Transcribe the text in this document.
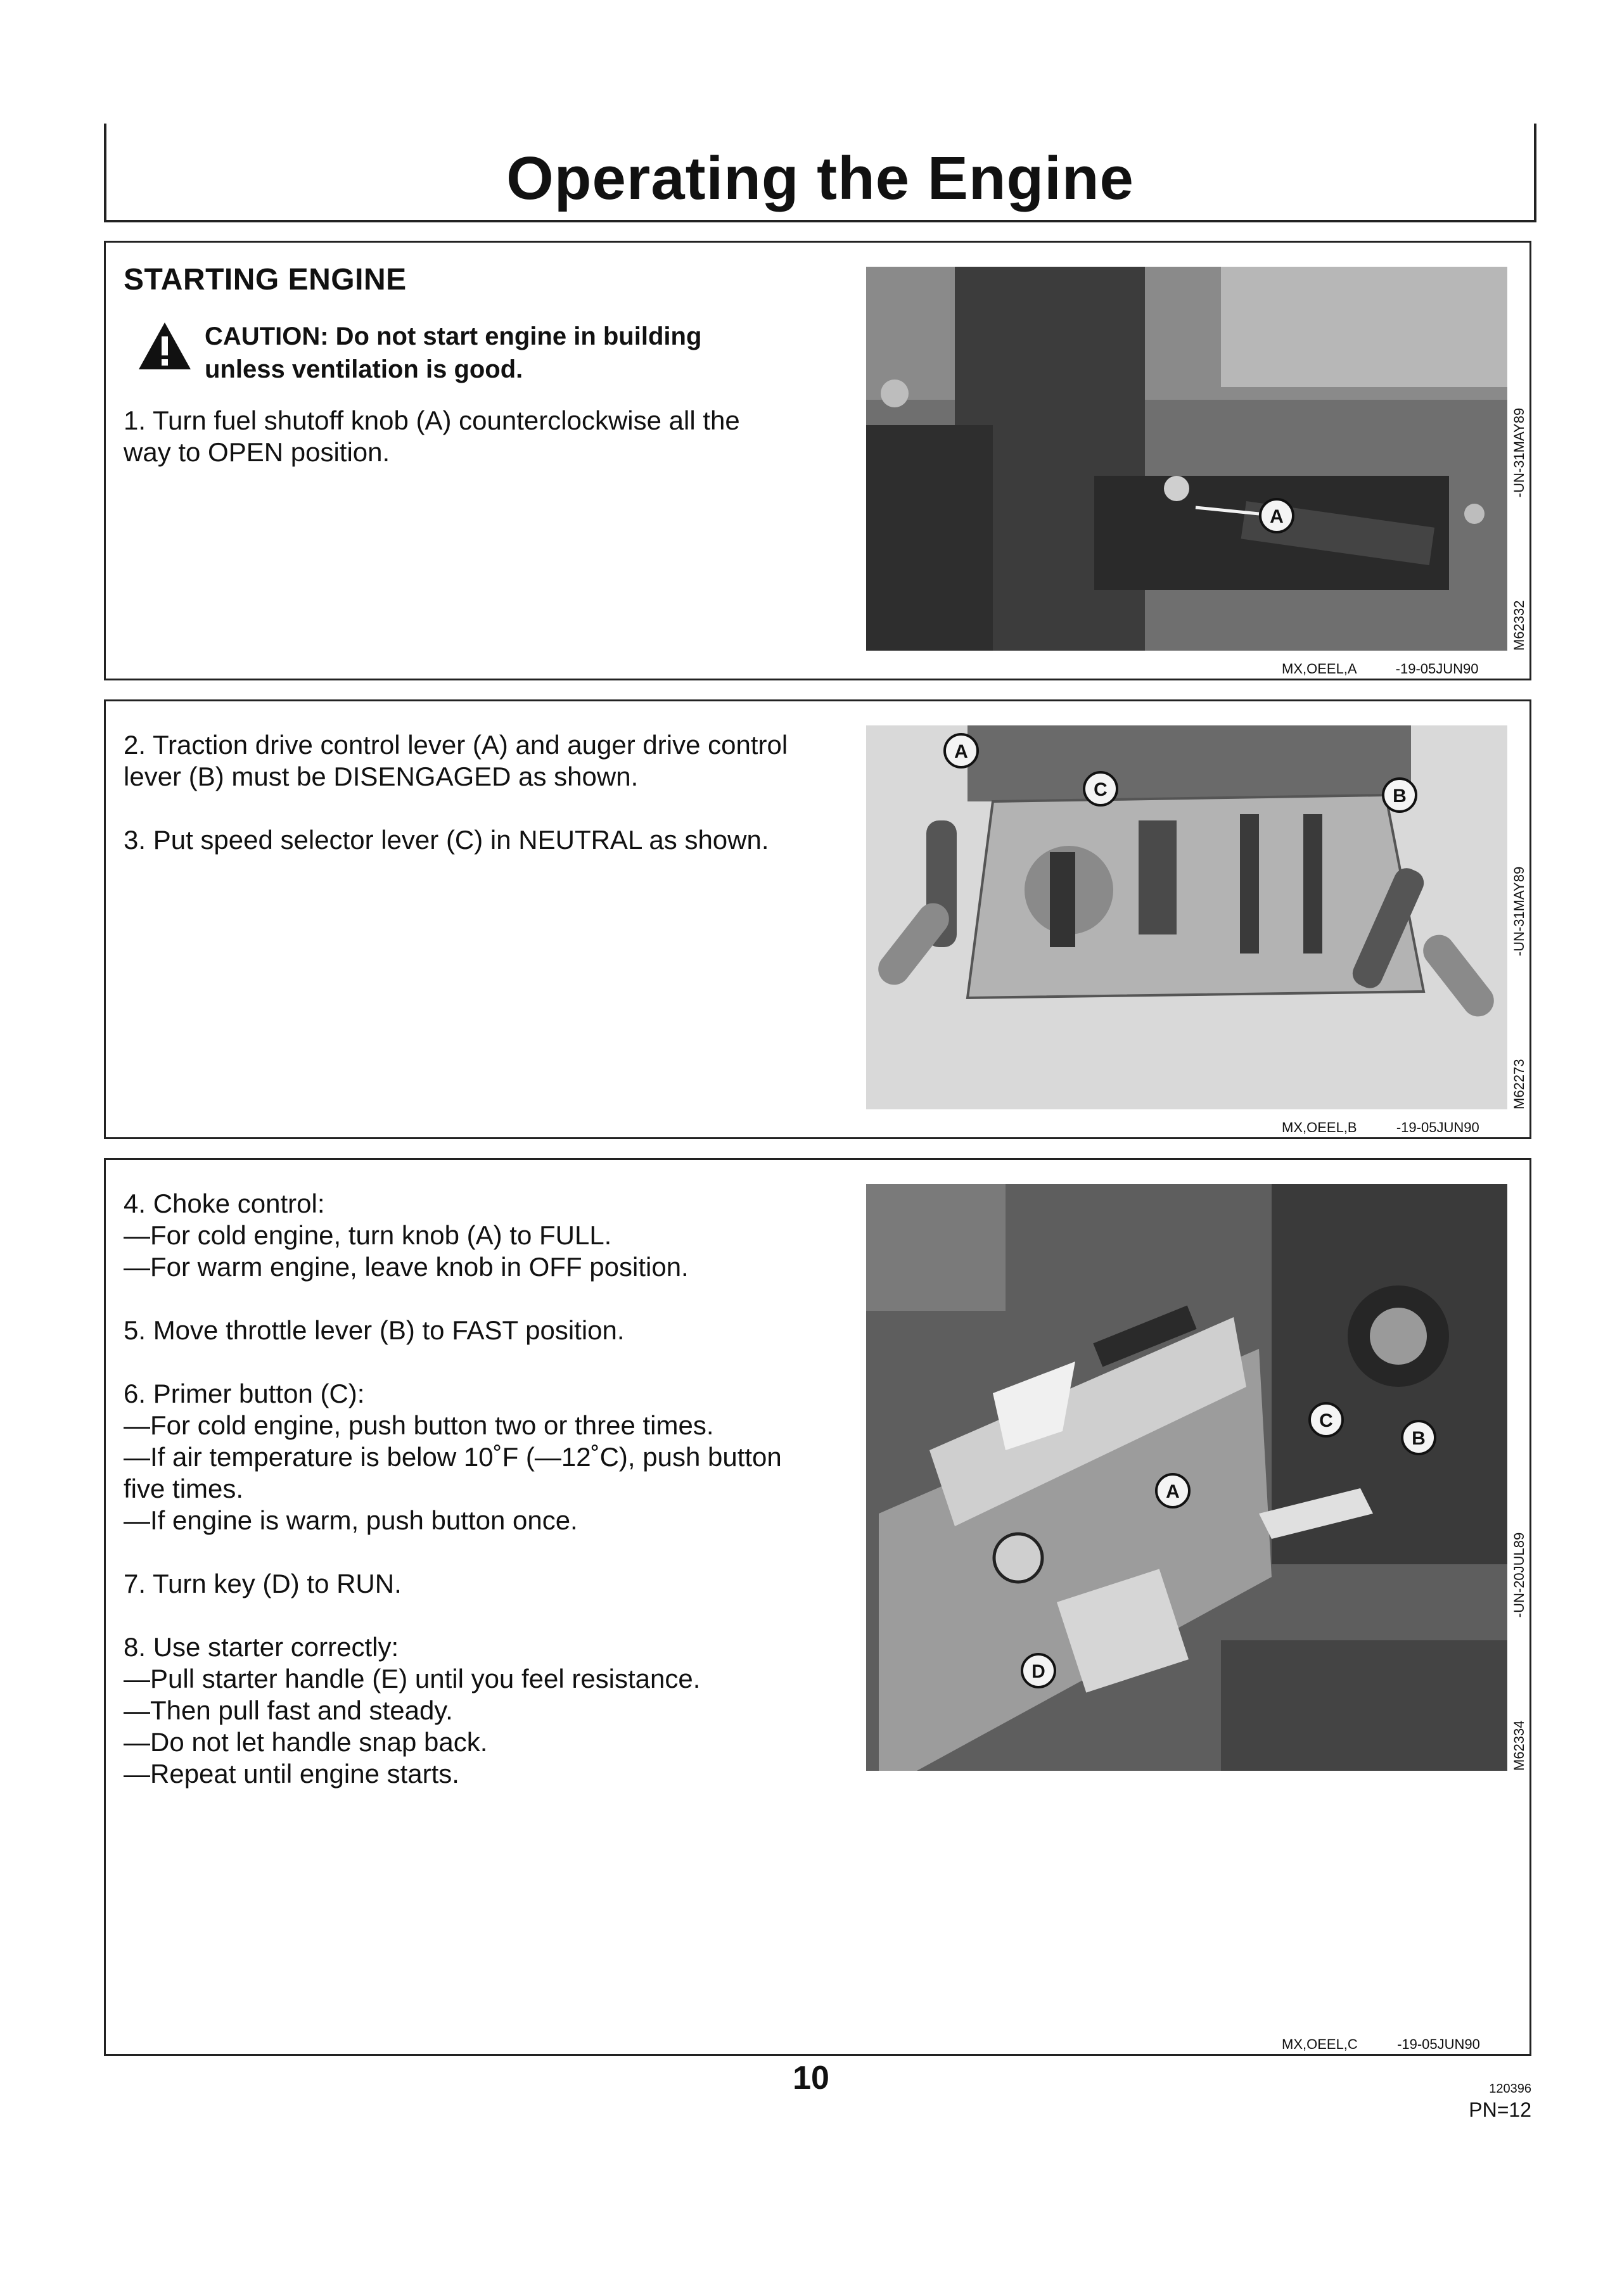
Operating the Engine

STARTING ENGINE

CAUTION: Do not start engine in building
unless ventilation is good.

1. Turn fuel shutoff knob (A) counterclockwise all the

way to OPEN position.

A
M62332  -UN-31MAY89
MX,OEEL,A	-19-05JUN90

2. Traction drive control lever (A) and auger drive control

lever (B) must be DISENGAGED as shown.

3. Put speed selector lever (C) in NEUTRAL as shown.

A
B
C
M62273  -UN-31MAY89
MX,OEEL,B	-19-05JUN90

4. Choke control:

—For cold engine, turn knob (A) to FULL.

—For warm engine, leave knob in OFF position.

5. Move throttle lever (B) to FAST position.

6. Primer button (C):

—For cold engine, push button two or three times.

—If air temperature is below 10˚F (—12˚C), push button

five times.

—If engine is warm, push button once.

7. Turn key (D) to RUN.

8. Use starter correctly:

—Pull starter handle (E) until you feel resistance.

—Then pull fast and steady.

—Do not let handle snap back.

—Repeat until engine starts.

A
B
C
D
M62334  -UN-20JUL89
MX,OEEL,C	-19-05JUN90
10	120396
PN=12
